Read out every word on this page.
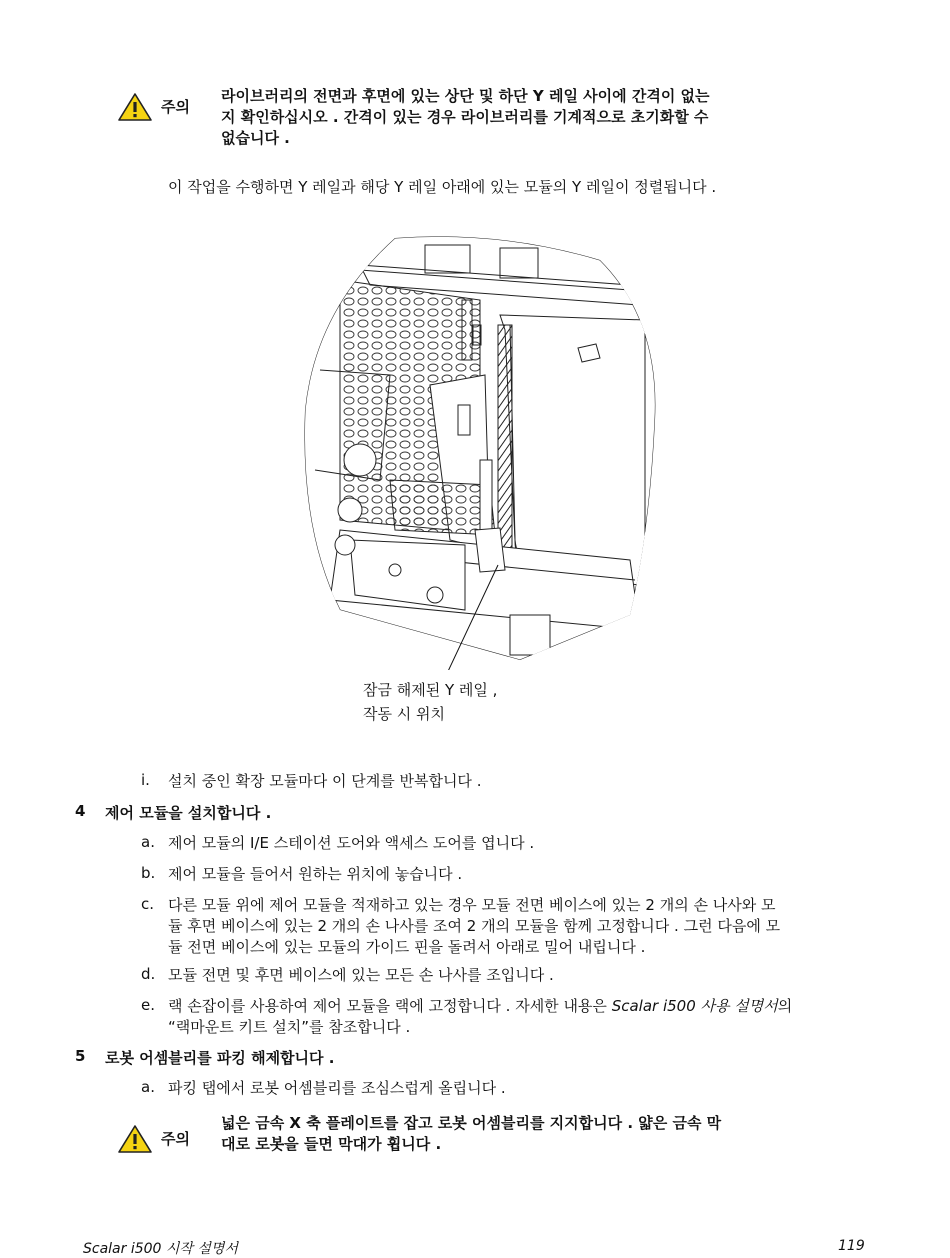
주의
라이브러리의 전면과 후면에 있는 상단 및 하단 Y 레일 사이에 간격이 없는
지 확인하십시오 . 간격이 있는 경우 라이브러리를 기계적으로 초기화할 수
없습니다 .
이 작업을 수행하면 Y 레일과 해당 Y 레일 아래에 있는 모듈의 Y 레일이 정렬됩니다 .
잠금 해제된 Y 레일 ,
작동 시 위치
i. 설치 중인 확장 모듈마다 이 단계를 반복합니다 .
4 제어 모듈을 설치합니다 .
a. 제어 모듈의 I/E 스테이션 도어와 액세스 도어를 엽니다 .
b. 제어 모듈을 들어서 원하는 위치에 놓습니다 .
c. 다른 모듈 위에 제어 모듈을 적재하고 있는 경우 모듈 전면 베이스에 있는 2 개의 손 나사와 모
듈 후면 베이스에 있는 2 개의 손 나사를 조여 2 개의 모듈을 함께 고정합니다 . 그런 다음에 모
듈 전면 베이스에 있는 모듈의 가이드 핀을 돌려서 아래로 밀어 내립니다 .
d. 모듈 전면 및 후면 베이스에 있는 모든 손 나사를 조입니다 .
e. 랙 손잡이를 사용하여 제어 모듈을 랙에 고정합니다 . 자세한 내용은 Scalar i500 사용 설명서의
“랙마운트 키트 설치”를 참조합니다 .
5 로봇 어셈블리를 파킹 해제합니다 .
a. 파킹 탭에서 로봇 어셈블리를 조심스럽게 올립니다 .
주의
넓은 금속 X 축 플레이트를 잡고 로봇 어셈블리를 지지합니다 . 얇은 금속 막
대로 로봇을 들면 막대가 휩니다 .
Scalar i500 시작 설명서	119
